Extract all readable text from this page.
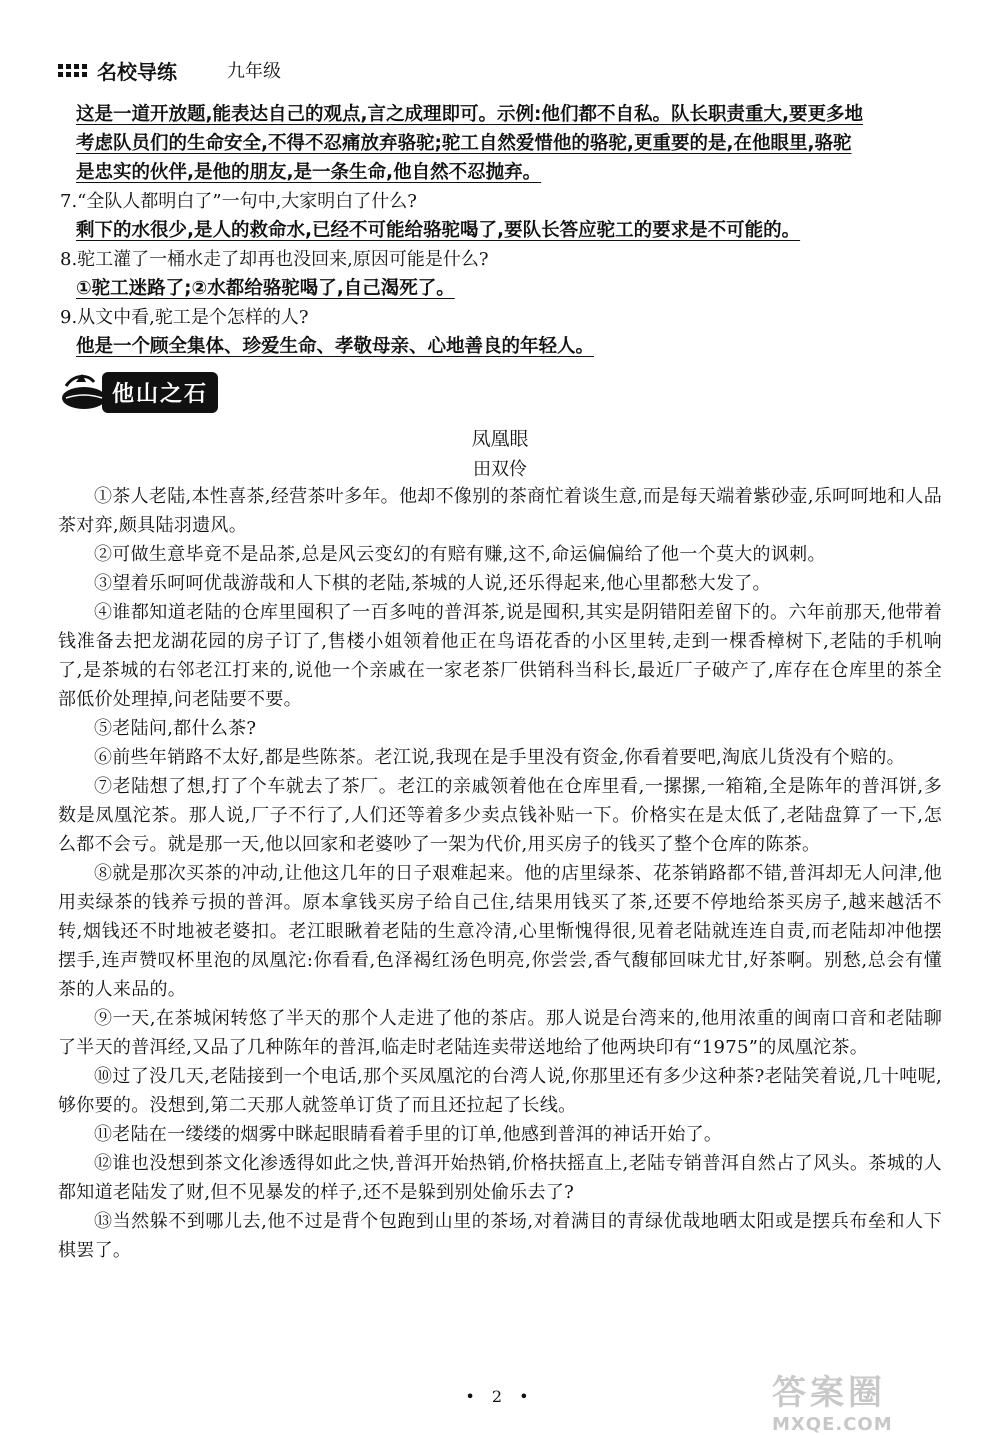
名校导练	九年级

这是一道开放题,能表达自己的观点,言之成理即可。示例:他们都不自私。队长职责重大,要更多地

考虑队员们的生命安全,不得不忍痛放弃骆驼;驼工自然爱惜他的骆驼,更重要的是,在他眼里,骆驼

是忠实的伙伴,是他的朋友,是一条生命,他自然不忍抛弃。

7.“全队人都明白了”一句中,大家明白了什么?

剩下的水很少,是人的救命水,已经不可能给骆驼喝了,要队长答应驼工的要求是不可能的。

8.驼工灌了一桶水走了却再也没回来,原因可能是什么?

①驼工迷路了;②水都给骆驼喝了,自己渴死了。

9.从文中看,驼工是个怎样的人?

他是一个顾全集体、珍爱生命、孝敬母亲、心地善良的年轻人。

他山之石
凤凰眼
田双伶

①茶人老陆,本性喜茶,经营茶叶多年。他却不像别的茶商忙着谈生意,而是每天端着紫砂壶,乐呵呵地和人品茶对弈,颇具陆羽遗风。

②可做生意毕竟不是品茶,总是风云变幻的有赔有赚,这不,命运偏偏给了他一个莫大的讽刺。

③望着乐呵呵优哉游哉和人下棋的老陆,茶城的人说,还乐得起来,他心里都愁大发了。

④谁都知道老陆的仓库里囤积了一百多吨的普洱茶,说是囤积,其实是阴错阳差留下的。六年前那天,他带着钱准备去把龙湖花园的房子订了,售楼小姐领着他正在鸟语花香的小区里转,走到一棵香樟树下,老陆的手机响了,是茶城的右邻老江打来的,说他一个亲戚在一家老茶厂供销科当科长,最近厂子破产了,库存在仓库里的茶全部低价处理掉,问老陆要不要。

⑤老陆问,都什么茶?

⑥前些年销路不太好,都是些陈茶。老江说,我现在是手里没有资金,你看着要吧,淘底儿货没有个赔的。

⑦老陆想了想,打了个车就去了茶厂。老江的亲戚领着他在仓库里看,一摞摞,一箱箱,全是陈年的普洱饼,多数是凤凰沱茶。那人说,厂子不行了,人们还等着多少卖点钱补贴一下。价格实在是太低了,老陆盘算了一下,怎么都不会亏。就是那一天,他以回家和老婆吵了一架为代价,用买房子的钱买了整个仓库的陈茶。

⑧就是那次买茶的冲动,让他这几年的日子艰难起来。他的店里绿茶、花茶销路都不错,普洱却无人问津,他用卖绿茶的钱养亏损的普洱。原本拿钱买房子给自己住,结果用钱买了茶,还要不停地给茶买房子,越来越活不转,烟钱还不时地被老婆扣。老江眼瞅着老陆的生意冷清,心里惭愧得很,见着老陆就连连自责,而老陆却冲他摆摆手,连声赞叹杯里泡的凤凰沱:你看看,色泽褐红汤色明亮,你尝尝,香气馥郁回味尤甘,好茶啊。别愁,总会有懂茶的人来品的。

⑨一天,在茶城闲转悠了半天的那个人走进了他的茶店。那人说是台湾来的,他用浓重的闽南口音和老陆聊了半天的普洱经,又品了几种陈年的普洱,临走时老陆连卖带送地给了他两块印有“1975”的凤凰沱茶。

⑩过了没几天,老陆接到一个电话,那个买凤凰沱的台湾人说,你那里还有多少这种茶?老陆笑着说,几十吨呢,够你要的。没想到,第二天那人就签单订货了而且还拉起了长线。

⑪老陆在一缕缕的烟雾中眯起眼睛看着手里的订单,他感到普洱的神话开始了。

⑫谁也没想到茶文化渗透得如此之快,普洱开始热销,价格扶摇直上,老陆专销普洱自然占了风头。茶城的人都知道老陆发了财,但不见暴发的样子,还不是躲到别处偷乐去了?

⑬当然躲不到哪儿去,他不过是背个包跑到山里的茶场,对着满目的青绿优哉地晒太阳或是摆兵布垒和人下棋罢了。

• 2 •	答案圈
MXQE.COM
